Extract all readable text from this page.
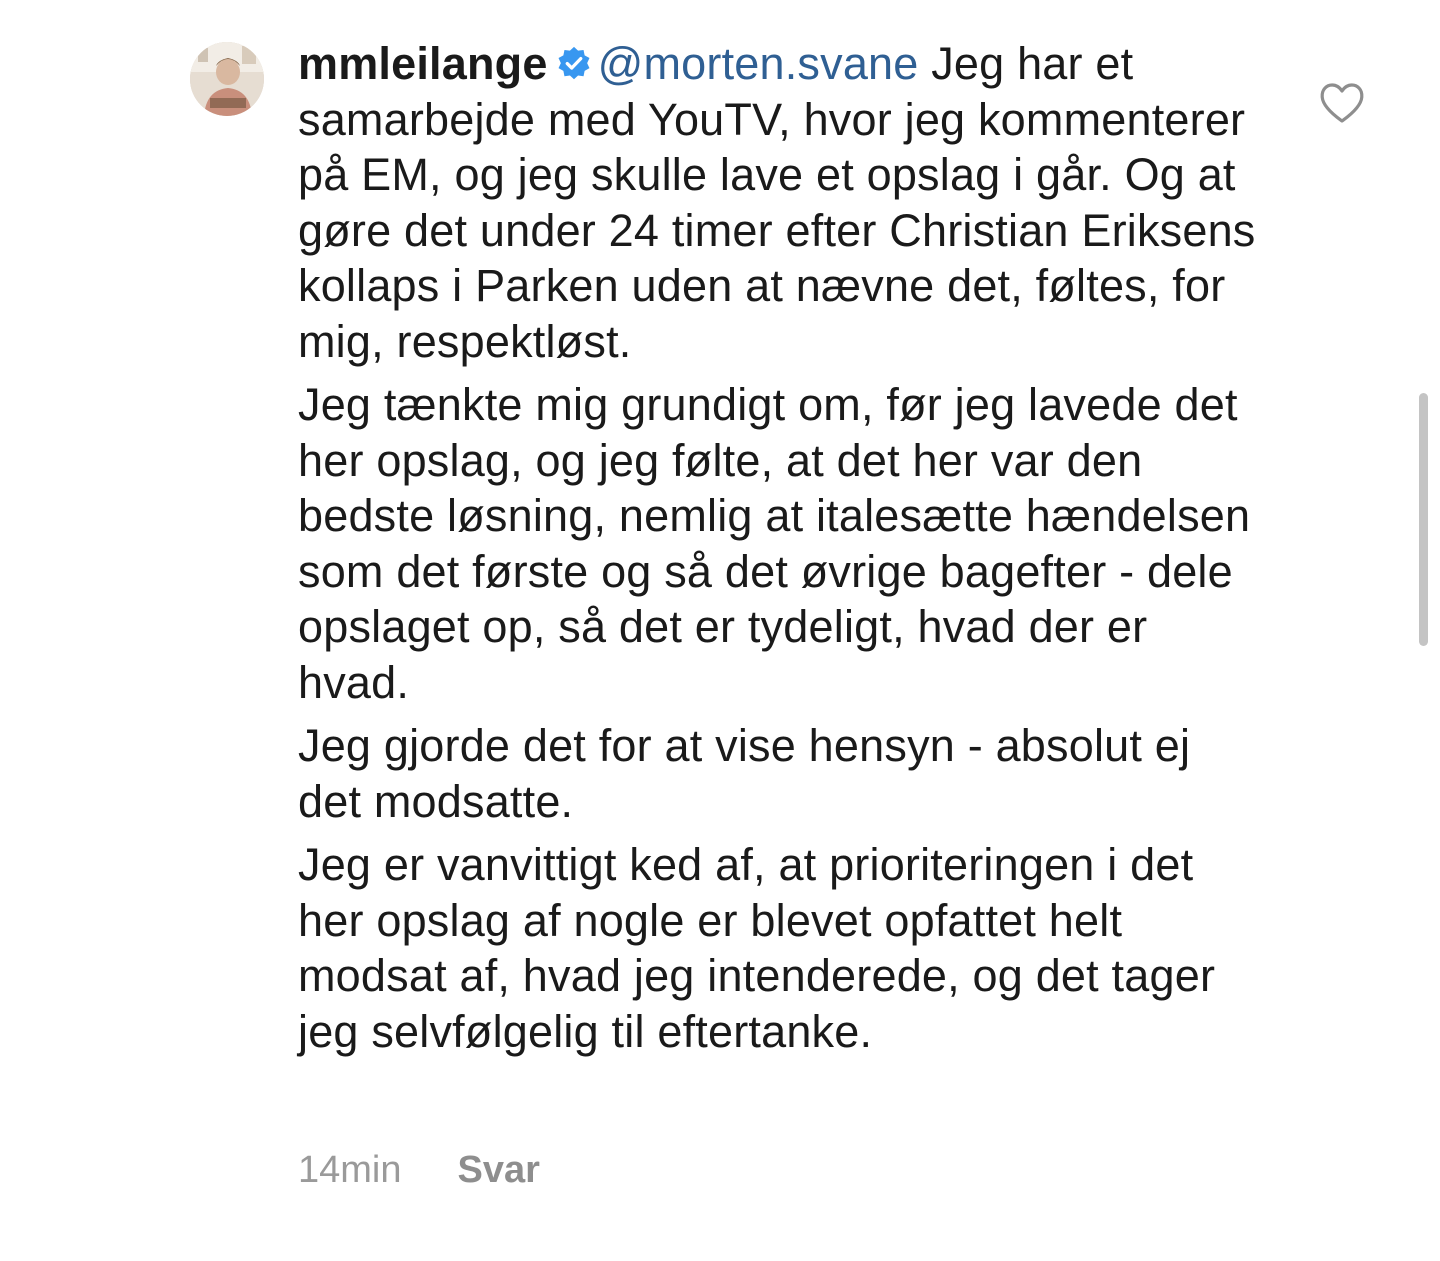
mmleilange @morten.svane Jeg har et samarbejde med YouTV, hvor jeg kommenterer på EM, og jeg skulle lave et opslag i går. Og at gøre det under 24 timer efter Christian Eriksens kollaps i Parken uden at nævne det, føltes, for mig, respektløst.

Jeg tænkte mig grundigt om, før jeg lavede det her opslag, og jeg følte, at det her var den bedste løsning, nemlig at italesætte hændelsen som det første og så det øvrige bagefter - dele opslaget op, så det er tydeligt, hvad der er hvad.

Jeg gjorde det for at vise hensyn - absolut ej det modsatte.

Jeg er vanvittigt ked af, at prioriteringen i det her opslag af nogle er blevet opfattet helt modsat af, hvad jeg intenderede, og det tager jeg selvfølgelig til eftertanke.

14min Svar
